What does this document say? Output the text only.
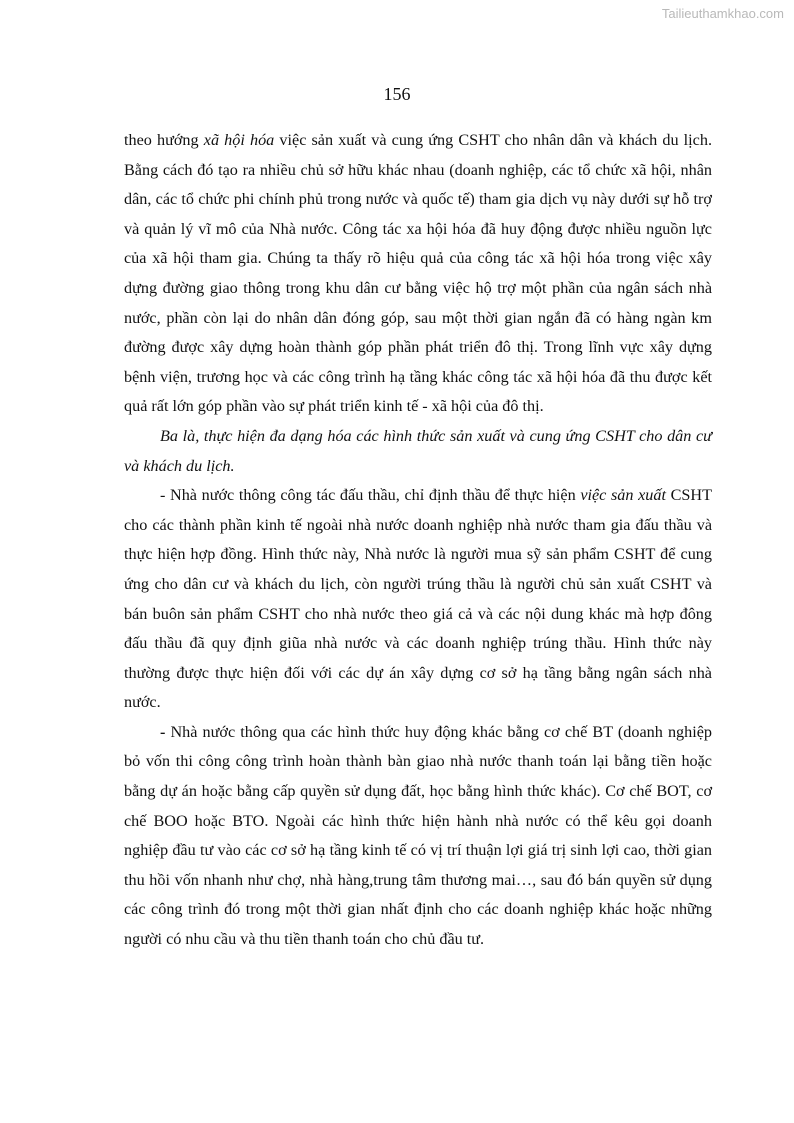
Tailieuthamkhao.com
156

theo hướng xã hội hóa việc sản xuất và cung ứng CSHT cho nhân dân và khách du lịch. Bằng cách đó tạo ra nhiều chủ sở hữu khác nhau (doanh nghiệp, các tổ chức xã hội, nhân dân, các tổ chức phi chính phủ trong nước và quốc tế) tham gia dịch vụ này dưới sự hỗ trợ và quản lý vĩ mô của Nhà nước. Công tác xa hội hóa đã huy động được nhiều nguồn lực của xã hội tham gia. Chúng ta thấy rõ hiệu quả của công tác xã hội hóa trong việc xây dựng đường giao thông trong khu dân cư bằng việc hộ trợ một phần của ngân sách nhà nước, phần còn lại do nhân dân đóng góp, sau một thời gian ngắn đã có hàng ngàn km đường được xây dựng hoàn thành góp phần phát triển đô thị. Trong lĩnh vực xây dựng bệnh viện, trương học và các công trình hạ tầng khác công tác xã hội hóa đã thu được kết quả rất lớn góp phần vào sự phát triển kinh tế - xã hội của đô thị.

Ba là, thực hiện đa dạng hóa các hình thức sản xuất và cung ứng CSHT cho dân cư và khách du lịch.

- Nhà nước thông công tác đấu thầu, chỉ định thầu để thực hiện việc sản xuất CSHT cho các thành phần kinh tế ngoài nhà nước doanh nghiệp nhà nước tham gia đấu thầu và thực hiện hợp đồng. Hình thức này, Nhà nước là người mua sỹ sản phẩm CSHT để cung ứng cho dân cư và khách du lịch, còn người trúng thầu là người chủ sản xuất CSHT và bán buôn sản phẩm CSHT cho nhà nước theo giá cả và các nội dung khác mà hợp đông đấu thầu đã quy định giũa nhà nước và các doanh nghiệp trúng thầu. Hình thức này thường được thực hiện đối với các dự án xây dựng cơ sở hạ tầng bằng ngân sách nhà nước.

- Nhà nước thông qua các hình thức huy động khác bằng cơ chế BT (doanh nghiệp bỏ vốn thi công công trình hoàn thành bàn giao nhà nước thanh toán lại bằng tiền hoặc bằng dự án hoặc bằng cấp quyền sử dụng đất, học bằng hình thức khác). Cơ chế BOT, cơ chế BOO hoặc BTO. Ngoài các hình thức hiện hành nhà nước có thể kêu gọi doanh nghiệp đầu tư vào các cơ sở hạ tầng kinh tế có vị trí thuận lợi giá trị sinh lợi cao, thời gian thu hồi vốn nhanh như chợ, nhà hàng,trung tâm thương mai…, sau đó bán quyền sử dụng các công trình đó trong một thời gian nhất định cho các doanh nghiệp khác hoặc những người có nhu cầu và thu tiền thanh toán cho chủ đầu tư.
